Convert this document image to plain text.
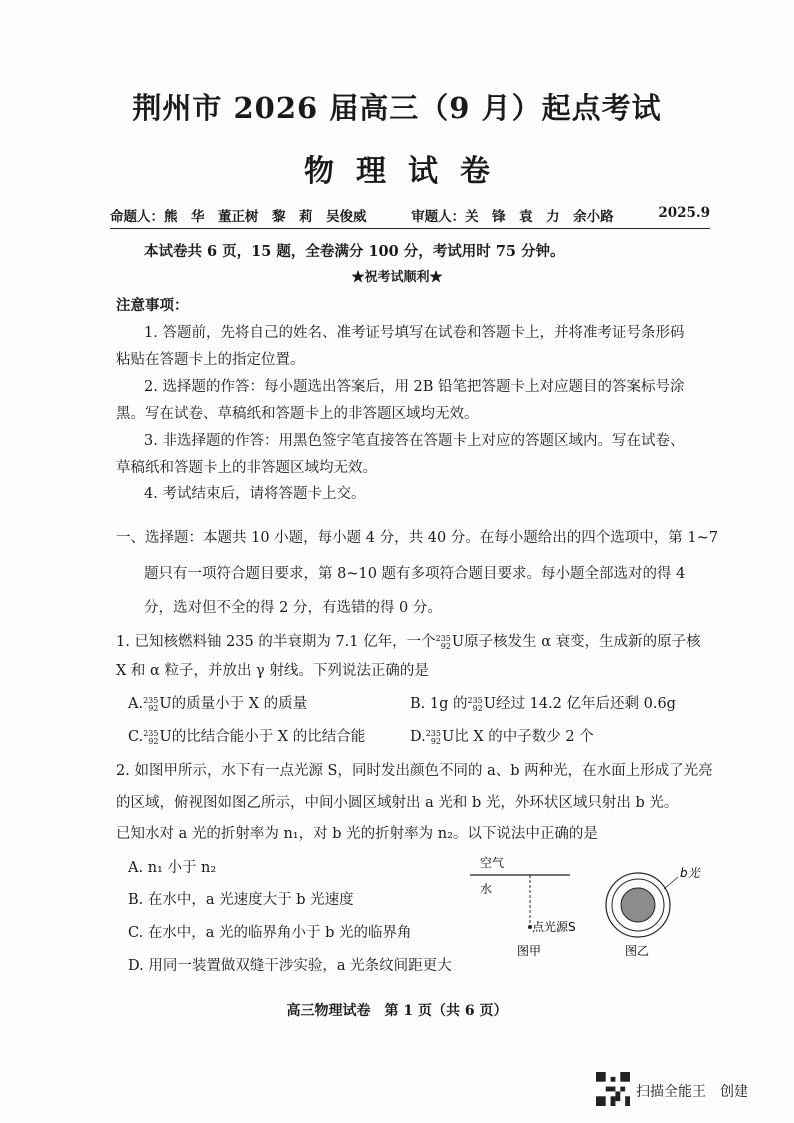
荆州市 2026 届高三（9 月）起点考试
物理试卷
命题人：熊　华　董正树　黎　莉　吴俊威	审题人：关　锋　袁　力　余小路	2025.9
本试卷共 6 页，15 题，全卷满分 100 分，考试用时 75 分钟。
★祝考试顺利★
注意事项：
1. 答题前，先将自己的姓名、准考证号填写在试卷和答题卡上，并将准考证号条形码
粘贴在答题卡上的指定位置。
2. 选择题的作答：每小题选出答案后，用 2B 铅笔把答题卡上对应题目的答案标号涂
黑。写在试卷、草稿纸和答题卡上的非答题区域均无效。
3. 非选择题的作答：用黑色签字笔直接答在答题卡上对应的答题区域内。写在试卷、
草稿纸和答题卡上的非答题区域均无效。
4. 考试结束后，请将答题卡上交。
一、选择题：本题共 10 小题，每小题 4 分，共 40 分。在每小题给出的四个选项中，第 1~7
题只有一项符合题目要求，第 8~10 题有多项符合题目要求。每小题全部选对的得 4
分，选对但不全的得 2 分，有选错的得 0 分。
1. 已知核燃料铀 235 的半衰期为 7.1 亿年，一个 235
92 U原子核发生 α 衰变，生成新的原子核
X 和 α 粒子，并放出 γ 射线。下列说法正确的是
A. 235
92 U的质量小于 X 的质量	B. 1g 的 235
92 U经过 14.2 亿年后还剩 0.6g
C. 235
92 U的比结合能小于 X 的比结合能	D. 235
92 U比 X 的中子数少 2 个
2. 如图甲所示，水下有一点光源 S，同时发出颜色不同的 a、b 两种光，在水面上形成了光亮
的区域，俯视图如图乙所示，中间小圆区域射出 a 光和 b 光，外环状区域只射出 b 光。
已知水对 a 光的折射率为 n₁，对 b 光的折射率为 n₂。以下说法中正确的是
A. n₁ 小于 n₂
B. 在水中，a 光速度大于 b 光速度
C. 在水中，a 光的临界角小于 b 光的临界角
D. 用同一装置做双缝干涉实验，a 光条纹间距更大
空气
水
点光源S
图甲
b光
图乙
高三物理试卷　第 1 页（共 6 页）
扫描全能王　创建
